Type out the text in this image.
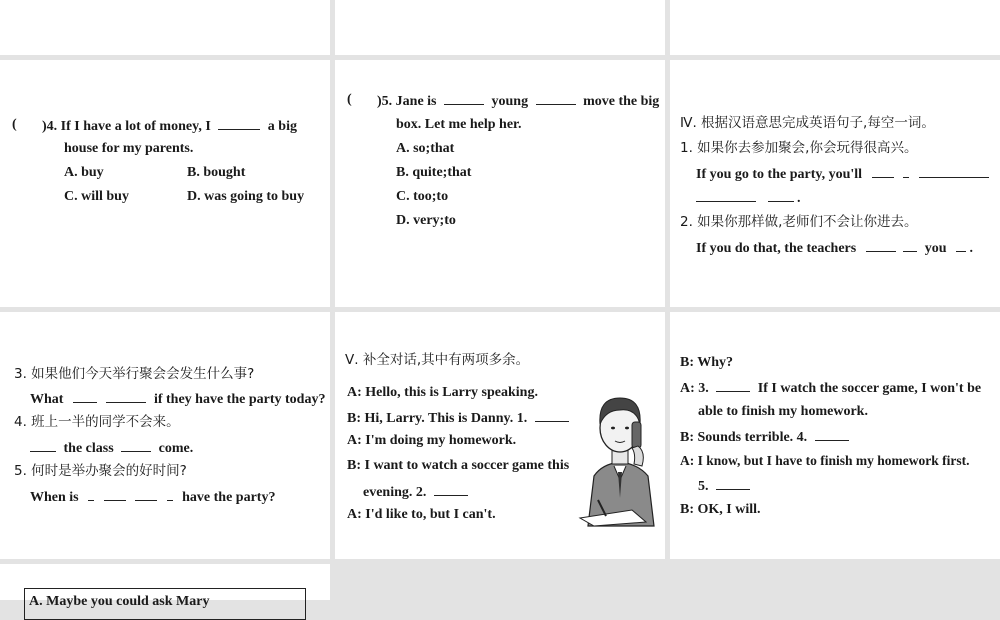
( )4. If I have a lot of money, I	a big
house for my parents.
A. buy	B. bought
C. will buy	D. was going to buy
( )5. Jane is	young	move the big
box. Let me help her.
A. so;that
B. quite;that
C. too;to
D. very;to
Ⅳ. 根据汉语意思完成英语句子,每空一词。
1. 如果你去参加聚会,你会玩得很高兴。
If you go to the party, you'll
.
2. 如果你那样做,老师们不会让你进去。
If you do that, the teachers	you .
3. 如果他们今天举行聚会会发生什么事?
What	if they have the party today?
4. 班上一半的同学不会来。
the class	come.
5. 何时是举办聚会的好时间?
When is	have the party?
Ⅴ. 补全对话,其中有两项多余。
A: Hello, this is Larry speaking.
B: Hi, Larry. This is Danny. 1.
A: I'm doing my homework.
B: I want to watch a soccer game this
evening. 2.
A: I'd like to, but I can't.
B: Why?
A: 3.	If I watch the soccer game, I won't be
able to finish my homework.
B: Sounds terrible. 4.
A: I know, but I have to finish my homework first.
5.
B: OK, I will.
A. Maybe you could ask Mary
